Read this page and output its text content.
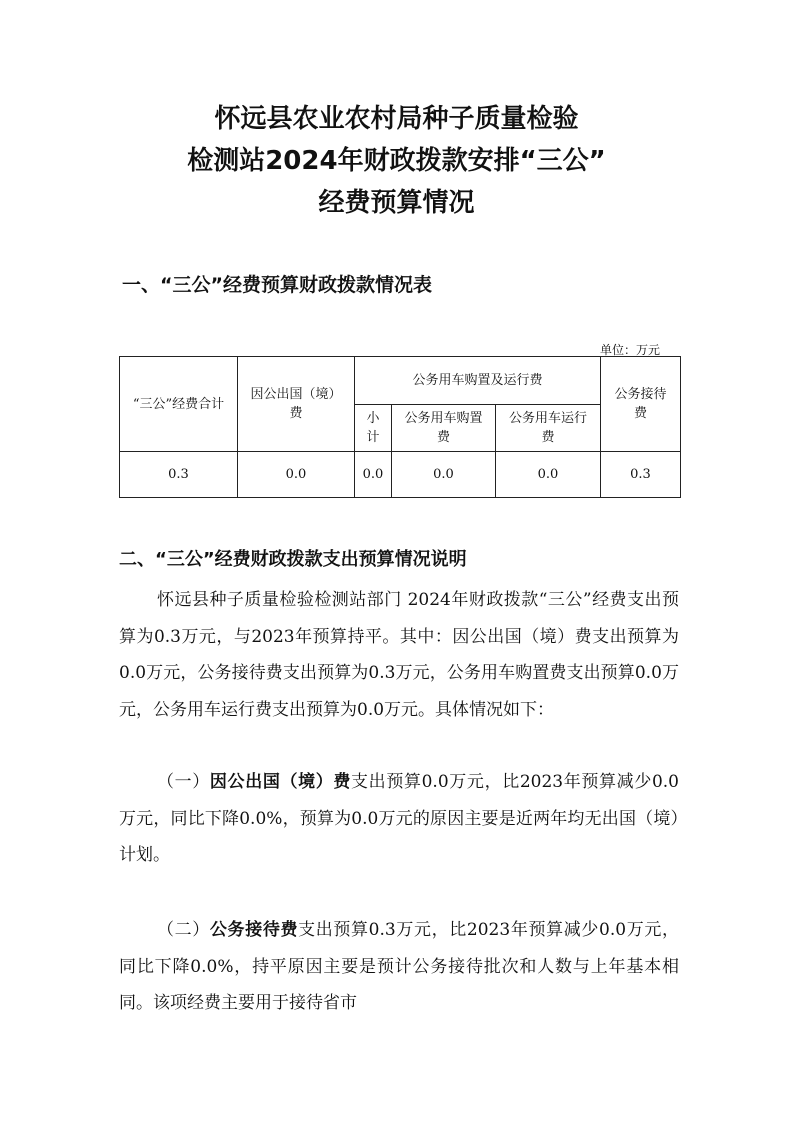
怀远县农业农村局种子质量检验
检测站2024年财政拨款安排“三公”
经费预算情况
一、“三公”经费预算财政拨款情况表
单位：万元
“三公”经费合计	因公出国（境）费	公务用车购置及运行费			公务接待费
		小计	公务用车购置费	公务用车运行费	
0.3	0.0	0.0	0.0	0.0	0.3
二、“三公”经费财政拨款支出预算情况说明
怀远县种子质量检验检测站部门 2024年财政拨款“三公”经费支出预算为0.3万元，与2023年预算持平。其中：因公出国（境）费支出预算为0.0万元，公务接待费支出预算为0.3万元，公务用车购置费支出预算0.0万元，公务用车运行费支出预算为0.0万元。具体情况如下：
（一）因公出国（境）费支出预算0.0万元，比2023年预算减少0.0万元，同比下降0.0%，预算为0.0万元的原因主要是近两年均无出国（境）计划。
（二）公务接待费支出预算0.3万元，比2023年预算减少0.0万元，同比下降0.0%，持平原因主要是预计公务接待批次和人数与上年基本相同。该项经费主要用于接待省市
